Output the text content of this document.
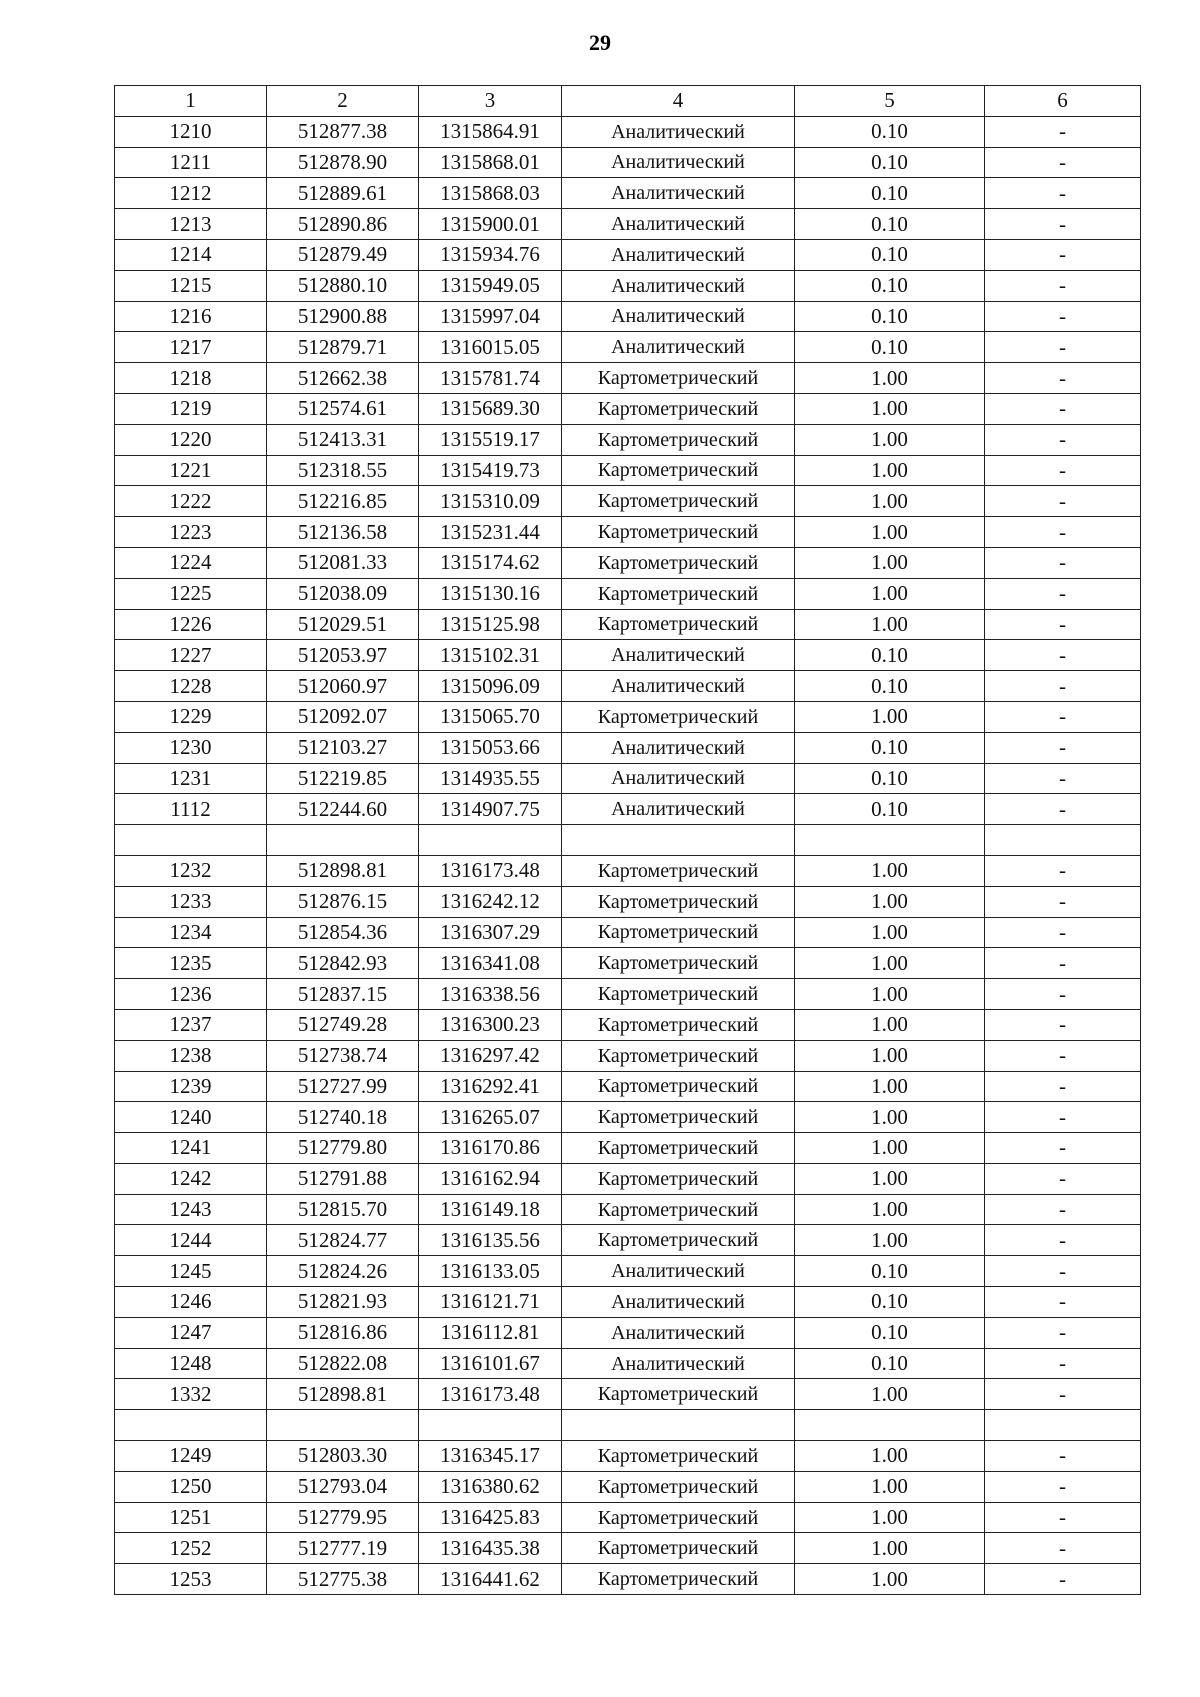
29
1	2	3	4	5	6
1210	512877.38	1315864.91	Аналитический	0.10	-
1211	512878.90	1315868.01	Аналитический	0.10	-
1212	512889.61	1315868.03	Аналитический	0.10	-
1213	512890.86	1315900.01	Аналитический	0.10	-
1214	512879.49	1315934.76	Аналитический	0.10	-
1215	512880.10	1315949.05	Аналитический	0.10	-
1216	512900.88	1315997.04	Аналитический	0.10	-
1217	512879.71	1316015.05	Аналитический	0.10	-
1218	512662.38	1315781.74	Картометрический	1.00	-
1219	512574.61	1315689.30	Картометрический	1.00	-
1220	512413.31	1315519.17	Картометрический	1.00	-
1221	512318.55	1315419.73	Картометрический	1.00	-
1222	512216.85	1315310.09	Картометрический	1.00	-
1223	512136.58	1315231.44	Картометрический	1.00	-
1224	512081.33	1315174.62	Картометрический	1.00	-
1225	512038.09	1315130.16	Картометрический	1.00	-
1226	512029.51	1315125.98	Картометрический	1.00	-
1227	512053.97	1315102.31	Аналитический	0.10	-
1228	512060.97	1315096.09	Аналитический	0.10	-
1229	512092.07	1315065.70	Картометрический	1.00	-
1230	512103.27	1315053.66	Аналитический	0.10	-
1231	512219.85	1314935.55	Аналитический	0.10	-
1112	512244.60	1314907.75	Аналитический	0.10	-

1232	512898.81	1316173.48	Картометрический	1.00	-
1233	512876.15	1316242.12	Картометрический	1.00	-
1234	512854.36	1316307.29	Картометрический	1.00	-
1235	512842.93	1316341.08	Картометрический	1.00	-
1236	512837.15	1316338.56	Картометрический	1.00	-
1237	512749.28	1316300.23	Картометрический	1.00	-
1238	512738.74	1316297.42	Картометрический	1.00	-
1239	512727.99	1316292.41	Картометрический	1.00	-
1240	512740.18	1316265.07	Картометрический	1.00	-
1241	512779.80	1316170.86	Картометрический	1.00	-
1242	512791.88	1316162.94	Картометрический	1.00	-
1243	512815.70	1316149.18	Картометрический	1.00	-
1244	512824.77	1316135.56	Картометрический	1.00	-
1245	512824.26	1316133.05	Аналитический	0.10	-
1246	512821.93	1316121.71	Аналитический	0.10	-
1247	512816.86	1316112.81	Аналитический	0.10	-
1248	512822.08	1316101.67	Аналитический	0.10	-
1332	512898.81	1316173.48	Картометрический	1.00	-

1249	512803.30	1316345.17	Картометрический	1.00	-
1250	512793.04	1316380.62	Картометрический	1.00	-
1251	512779.95	1316425.83	Картометрический	1.00	-
1252	512777.19	1316435.38	Картометрический	1.00	-
1253	512775.38	1316441.62	Картометрический	1.00	-
